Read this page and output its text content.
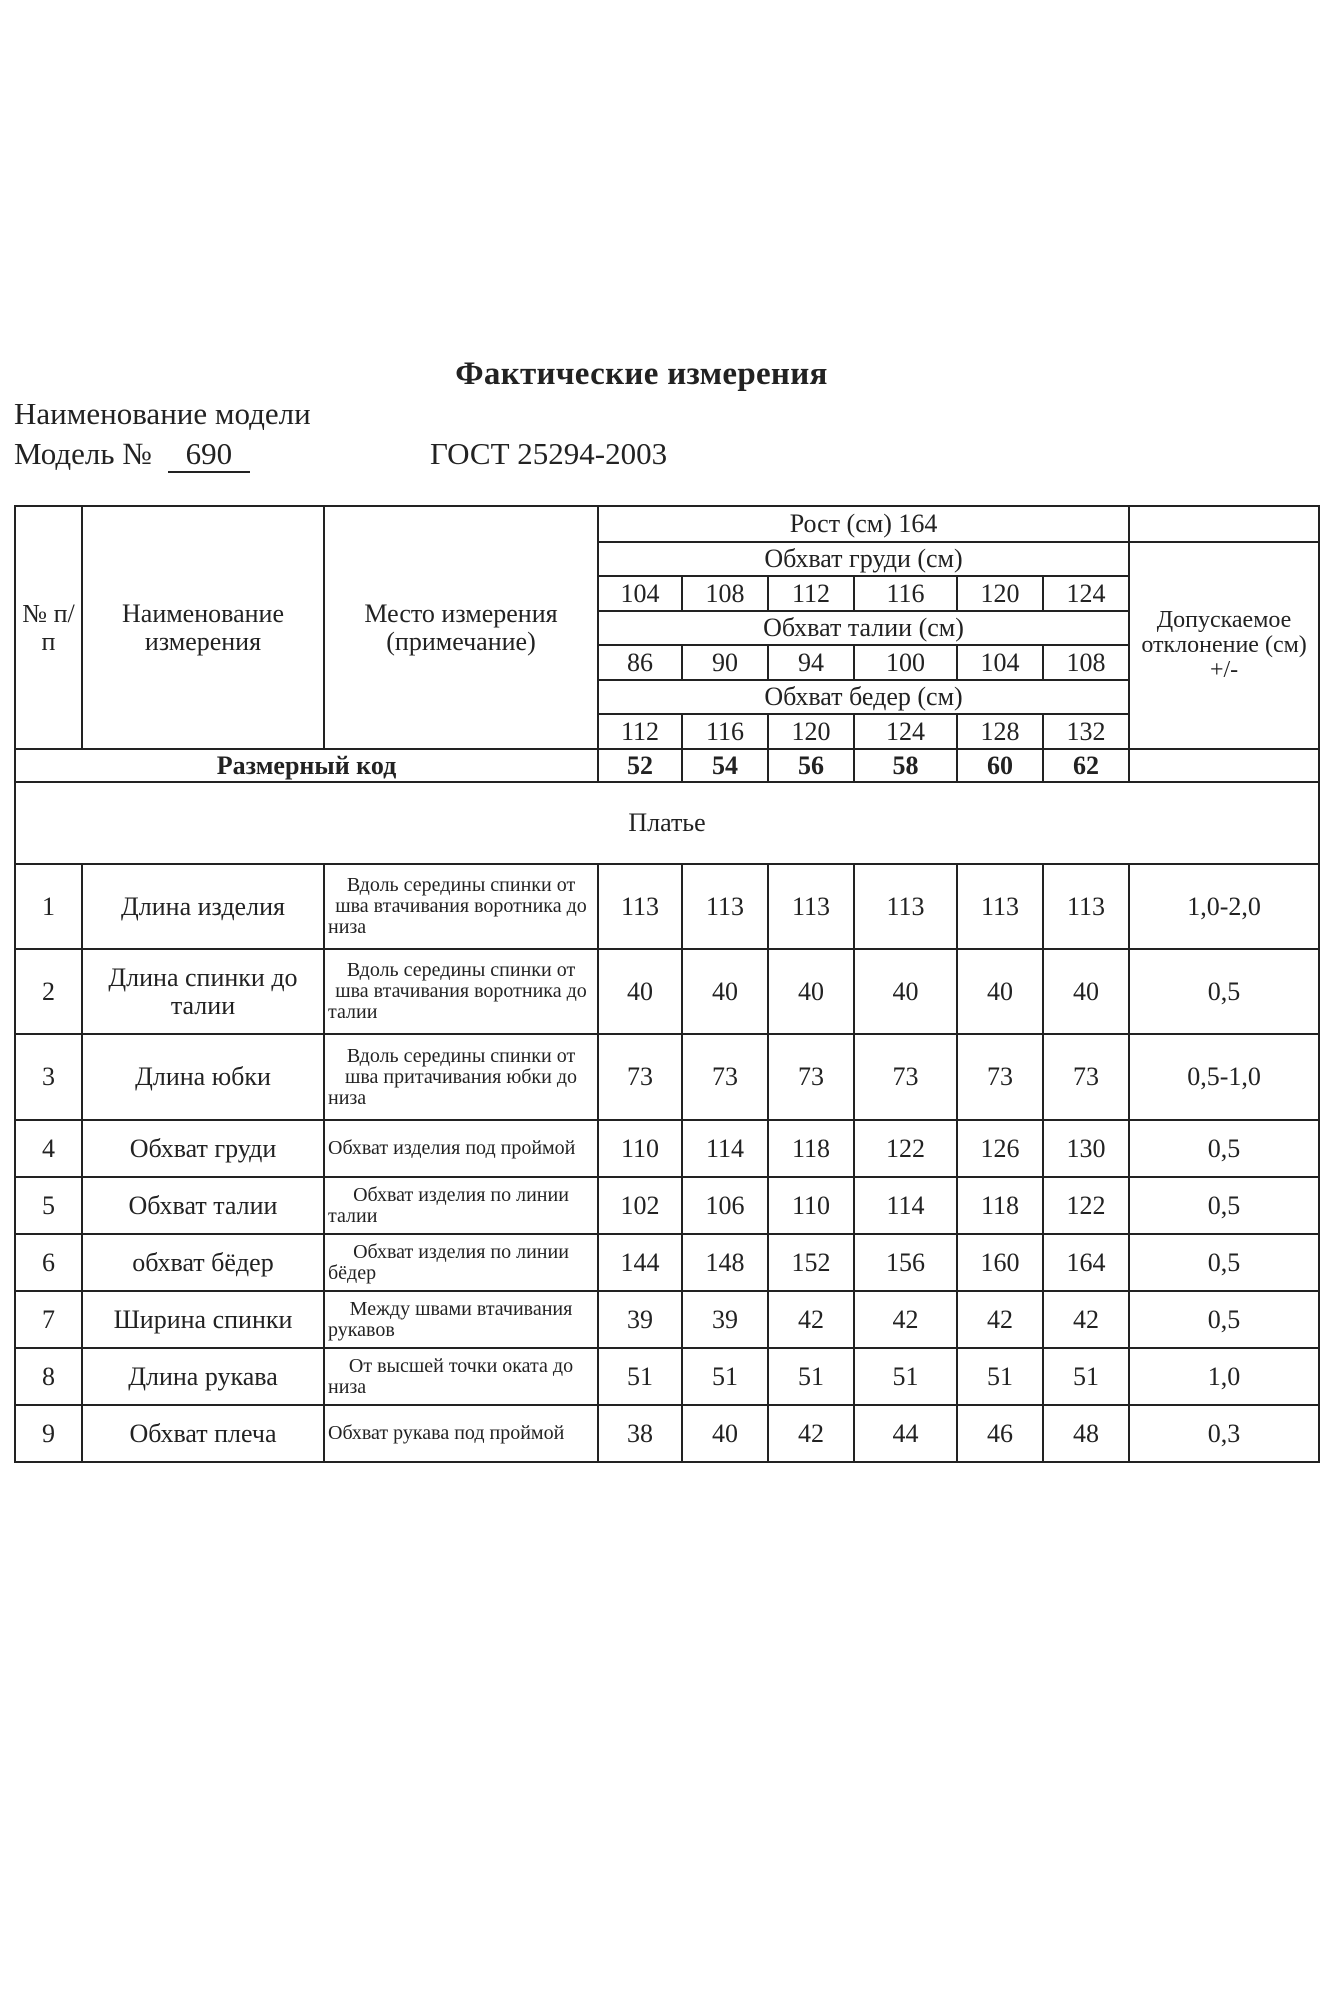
Фактические измерения
Наименование модели
Модель № 690	ГОСТ 25294-2003
№ п/п	Наименование измерения	Место измерения (примечание)	Рост (см) 164						
			Обхват груди (см)						Допускаемое отклонение (см) +/-
			104	108	112	116	120	124	
			Обхват талии (см)						
			86	90	94	100	104	108	
			Обхват бедер (см)						
			112	116	120	124	128	132	
Размерный код			52	54	56	58	60	62	
Платье									
1	Длина изделия	Вдоль середины спинки от шва втачивания воротника до низа	113	113	113	113	113	113	1,0-2,0
2	Длина спинки до талии	Вдоль середины спинки от шва втачивания воротника до талии	40	40	40	40	40	40	0,5
3	Длина юбки	Вдоль середины спинки от шва притачивания юбки до низа	73	73	73	73	73	73	0,5-1,0
4	Обхват груди	Обхват изделия под проймой	110	114	118	122	126	130	0,5
5	Обхват талии	Обхват изделия по линии талии	102	106	110	114	118	122	0,5
6	обхват бёдер	Обхват изделия по линии бёдер	144	148	152	156	160	164	0,5
7	Ширина спинки	Между швами втачивания рукавов	39	39	42	42	42	42	0,5
8	Длина рукава	От высшей точки оката до низа	51	51	51	51	51	51	1,0
9	Обхват плеча	Обхват рукава под проймой	38	40	42	44	46	48	0,3
